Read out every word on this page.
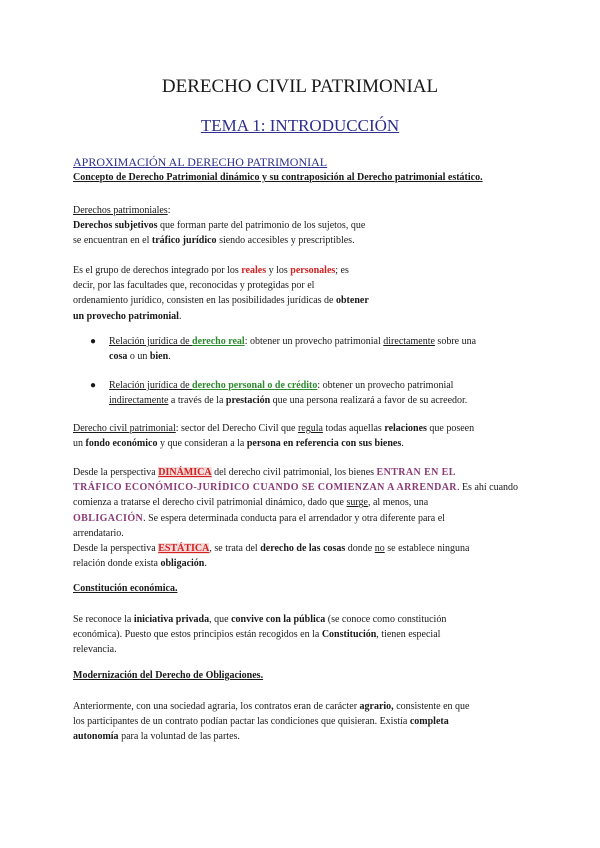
DERECHO CIVIL PATRIMONIAL
TEMA 1: INTRODUCCIÓN
APROXIMACIÓN AL DERECHO PATRIMONIAL
Concepto de Derecho Patrimonial dinámico y su contraposición al Derecho patrimonial estático.
Derechos patrimoniales:
Derechos subjetivos que forman parte del patrimonio de los sujetos, que
se encuentran en el tráfico jurídico siendo accesibles y prescriptibles.
Es el grupo de derechos integrado por los reales y los personales; es
decir, por las facultades que, reconocidas y protegidas por el
ordenamiento jurídico, consisten en las posibilidades jurídicas de obtener
un provecho patrimonial.
● Relación jurídica de derecho real: obtener un provecho patrimonial directamente sobre una
cosa o un bien.
● Relación jurídica de derecho personal o de crédito: obtener un provecho patrimonial
indirectamente a través de la prestación que una persona realizará a favor de su acreedor.
Derecho civil patrimonial: sector del Derecho Civil que regula todas aquellas relaciones que poseen
un fondo económico y que consideran a la persona en referencia con sus bienes.
Desde la perspectiva DINÁMICA del derecho civil patrimonial, los bienes ENTRAN EN EL
TRÁFICO ECONÓMICO-JURÍDICO CUANDO SE COMIENZAN A ARRENDAR. Es ahí cuando
comienza a tratarse el derecho civil patrimonial dinámico, dado que surge, al menos, una
OBLIGACIÓN. Se espera determinada conducta para el arrendador y otra diferente para el
arrendatario.
Desde la perspectiva ESTÁTICA, se trata del derecho de las cosas donde no se establece ninguna
relación donde exista obligación.
Constitución económica.
Se reconoce la iniciativa privada, que convive con la pública (se conoce como constitución
económica). Puesto que estos principios están recogidos en la Constitución, tienen especial
relevancia.
Modernización del Derecho de Obligaciones.
Anteriormente, con una sociedad agraria, los contratos eran de carácter agrario, consistente en que
los participantes de un contrato podían pactar las condiciones que quisieran. Existía completa
autonomía para la voluntad de las partes.
